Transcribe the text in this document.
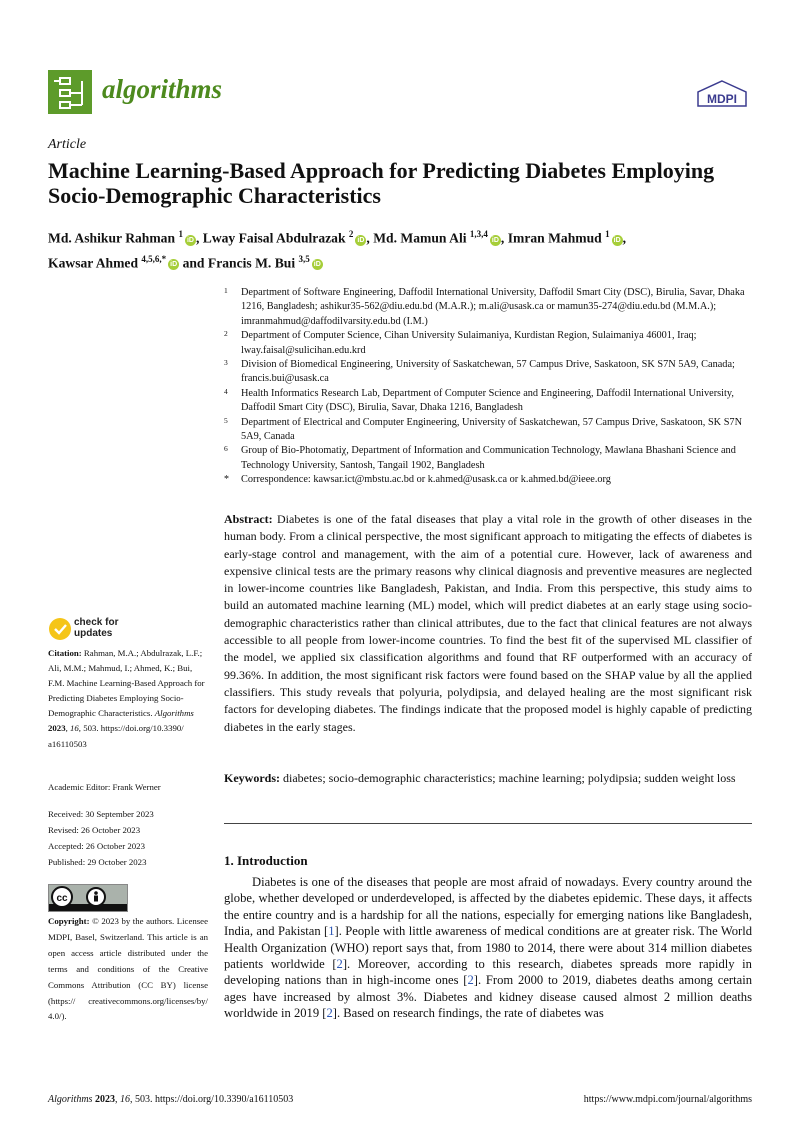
algorithms	MDPI
Article
Machine Learning-Based Approach for Predicting Diabetes Employing Socio-Demographic Characteristics
Md. Ashikur Rahman $^1$iD , Lway Faisal Abdulrazak $^2$iD , Md. Mamun Ali $^{1,3,4}$iD , Imran Mahmud $^1$iD ,
Kawsar Ahmed $^{4,5,6,*}$iD and Francis M. Bui $^{3,5}$iD
1 Department of Software Engineering, Daffodil International University, Daffodil Smart City (DSC), Birulia, Savar, Dhaka 1216, Bangladesh; ashikur35-562@diu.edu.bd (M.A.R.); m.ali@usask.ca or mamun35-274@diu.edu.bd (M.M.A.); imranmahmud@daffodilvarsity.edu.bd (I.M.)
2 Department of Computer Science, Cihan University Sulaimaniya, Kurdistan Region, Sulaimaniya 46001, Iraq; lway.faisal@sulicihan.edu.krd
3 Division of Biomedical Engineering, University of Saskatchewan, 57 Campus Drive, Saskatoon, SK S7N 5A9, Canada; francis.bui@usask.ca
4 Health Informatics Research Lab, Department of Computer Science and Engineering, Daffodil International University, Daffodil Smart City (DSC), Birulia, Savar, Dhaka 1216, Bangladesh
5 Department of Electrical and Computer Engineering, University of Saskatchewan, 57 Campus Drive, Saskatoon, SK S7N 5A9, Canada
6 Group of Bio-Photomatiχ, Department of Information and Communication Technology, Mawlana Bhashani Science and Technology University, Santosh, Tangail 1902, Bangladesh
* Correspondence: kawsar.ict@mbstu.ac.bd or k.ahmed@usask.ca or k.ahmed.bd@ieee.org
Abstract: Diabetes is one of the fatal diseases that play a vital role in the growth of other diseases in the human body. From a clinical perspective, the most significant approach to mitigating the effects of diabetes is early-stage control and management, with the aim of a potential cure. However, lack of awareness and expensive clinical tests are the primary reasons why clinical diagnosis and preventive measures are neglected in lower-income countries like Bangladesh, Pakistan, and India. From this perspective, this study aims to build an automated machine learning (ML) model, which will predict diabetes at an early stage using socio-demographic characteristics rather than clinical attributes, due to the fact that clinical features are not always accessible to all people from lower-income countries. To find the best fit of the supervised ML classifier of the model, we applied six classification algorithms and found that RF outperformed with an accuracy of 99.36%. In addition, the most significant risk factors were found based on the SHAP value by all the applied classifiers. This study reveals that polyuria, polydipsia, and delayed healing are the most significant risk factors for developing diabetes. The findings indicate that the proposed model is highly capable of predicting diabetes in the early stages.
Keywords: diabetes; socio-demographic characteristics; machine learning; polydipsia; sudden weight loss
1. Introduction
Diabetes is one of the diseases that people are most afraid of nowadays. Every country around the globe, whether developed or underdeveloped, is affected by the diabetes epidemic. These days, it affects the entire country and is a hardship for all the nations, especially for emerging nations like Bangladesh, India, and Pakistan [1]. People with little awareness of medical conditions are at greater risk. The World Health Organization (WHO) report says that, from 1980 to 2014, there were about 314 million diabetes patients worldwide [2]. Moreover, according to this research, diabetes spreads more rapidly in developing nations than in high-income ones [2]. From 2000 to 2019, diabetes deaths among certain ages have increased by almost 3%. Diabetes and kidney disease caused almost 2 million deaths worldwide in 2019 [2]. Based on research findings, the rate of diabetes was
check for
updates
Citation: Rahman, M.A.; Abdulrazak, L.F.; Ali, M.M.; Mahmud, I.; Ahmed, K.; Bui, F.M. Machine Learning-Based Approach for Predicting Diabetes Employing Socio-Demographic Characteristics. Algorithms 2023, 16, 503. https://doi.org/10.3390/ a16110503
Academic Editor: Frank Werner
Received: 30 September 2023
Revised: 26 October 2023
Accepted: 26 October 2023
Published: 29 October 2023
cc
Copyright: © 2023 by the authors. Licensee MDPI, Basel, Switzerland. This article is an open access article distributed under the terms and conditions of the Creative Commons Attribution (CC BY) license (https:// creativecommons.org/licenses/by/ 4.0/).
Algorithms 2023, 16, 503. https://doi.org/10.3390/a16110503	https://www.mdpi.com/journal/algorithms
